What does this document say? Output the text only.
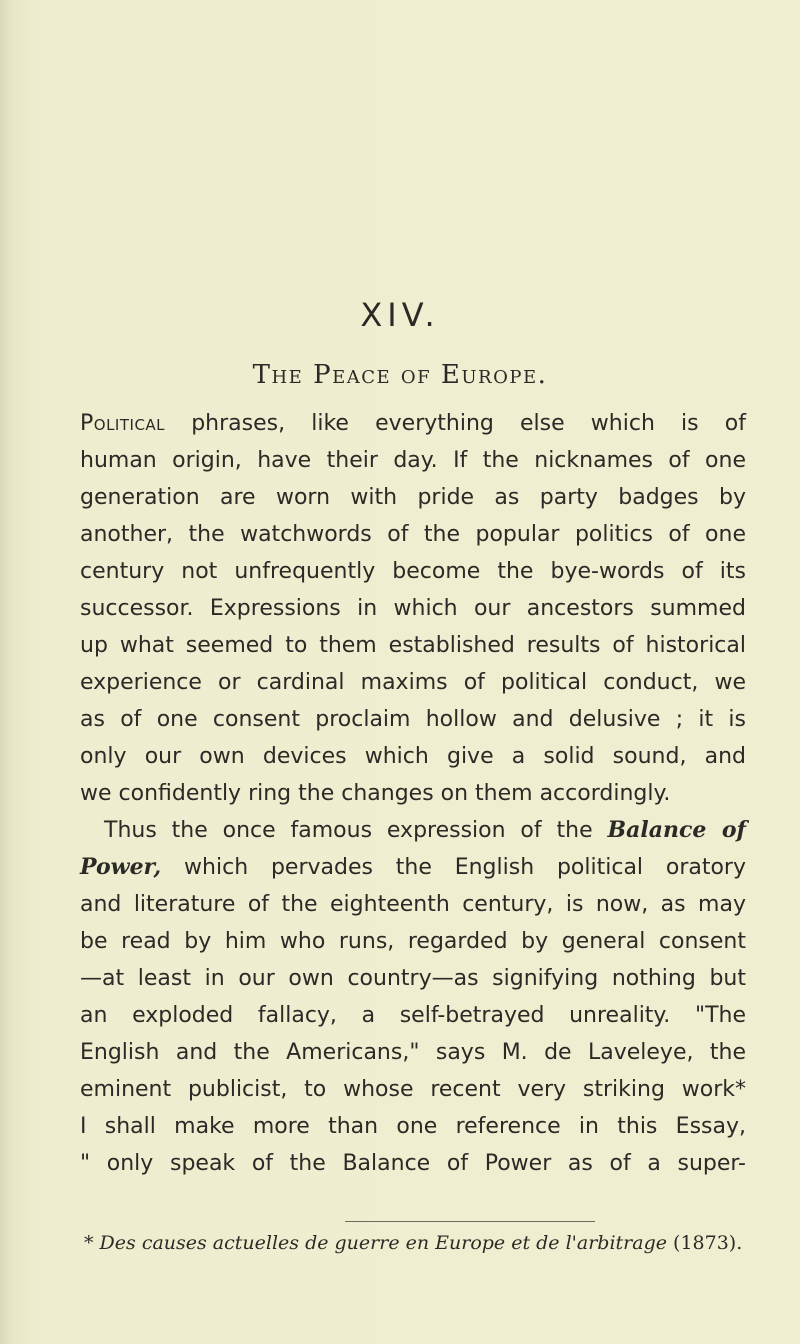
XIV.
The Peace of Europe.
Political phrases, like everything else which is of
human origin, have their day. If the nicknames of one
generation are worn with pride as party badges by
another, the watchwords of the popular politics of one
century not unfrequently become the bye-words of its
successor. Expressions in which our ancestors summed
up what seemed to them established results of historical
experience or cardinal maxims of political conduct, we
as of one consent proclaim hollow and delusive ; it is
only our own devices which give a solid sound, and
we confidently ring the changes on them accordingly.
Thus the once famous expression of the Balance of
Power, which pervades the English political oratory
and literature of the eighteenth century, is now, as may
be read by him who runs, regarded by general consent
—at least in our own country—as signifying nothing but
an exploded fallacy, a self-betrayed unreality. "The
English and the Americans," says M. de Laveleye, the
eminent publicist, to whose recent very striking work*
I shall make more than one reference in this Essay,
" only speak of the Balance of Power as of a super-
* Des causes actuelles de guerre en Europe et de l'arbitrage (1873).
